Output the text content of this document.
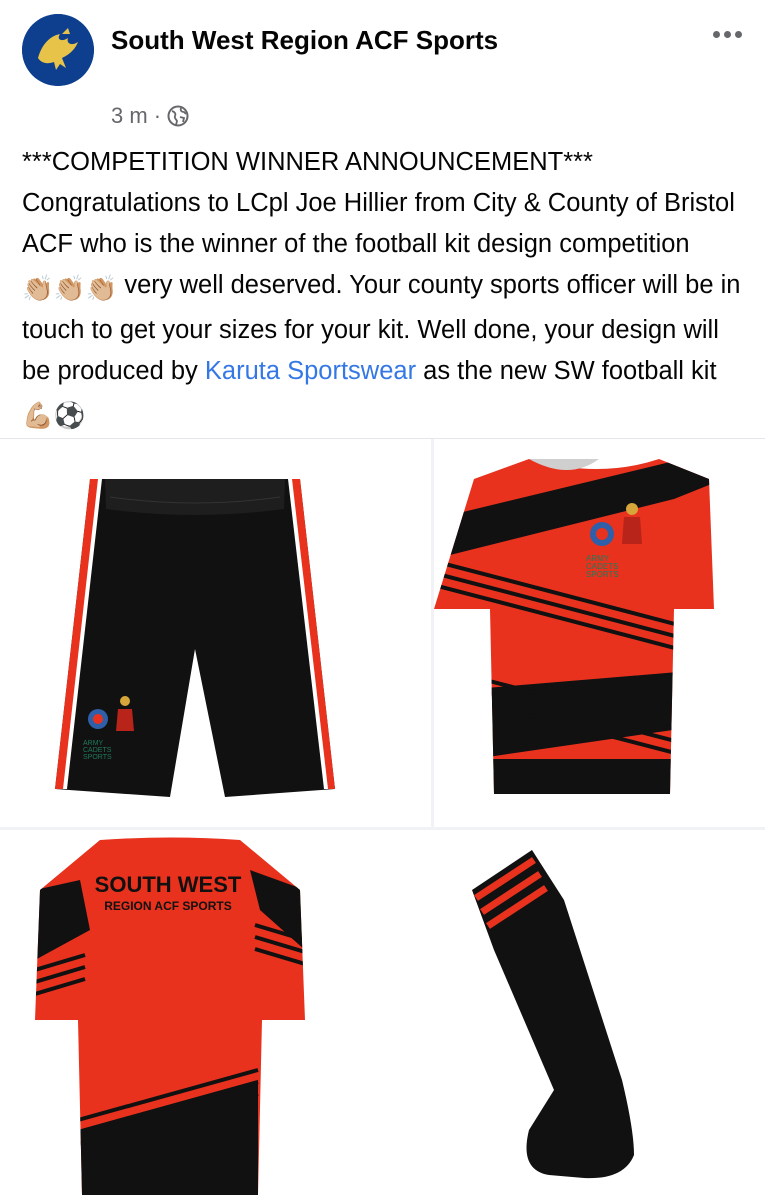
South West Region ACF Sports
3 m ·
***COMPETITION WINNER ANNOUNCEMENT***
Congratulations to LCpl Joe Hillier from City & County of Bristol ACF who is the winner of the football kit design competition👏🏼👏🏼👏🏼 very well deserved. Your county sports officer will be in touch to get your sizes for your kit. Well done, your design will be produced by Karuta Sportswear as the new SW football kit💪🏼⚽
ARMY
CADETS
SPORTS
ARMY
CADETS
SPORTS
SOUTH WEST
REGION ACF SPORTS
